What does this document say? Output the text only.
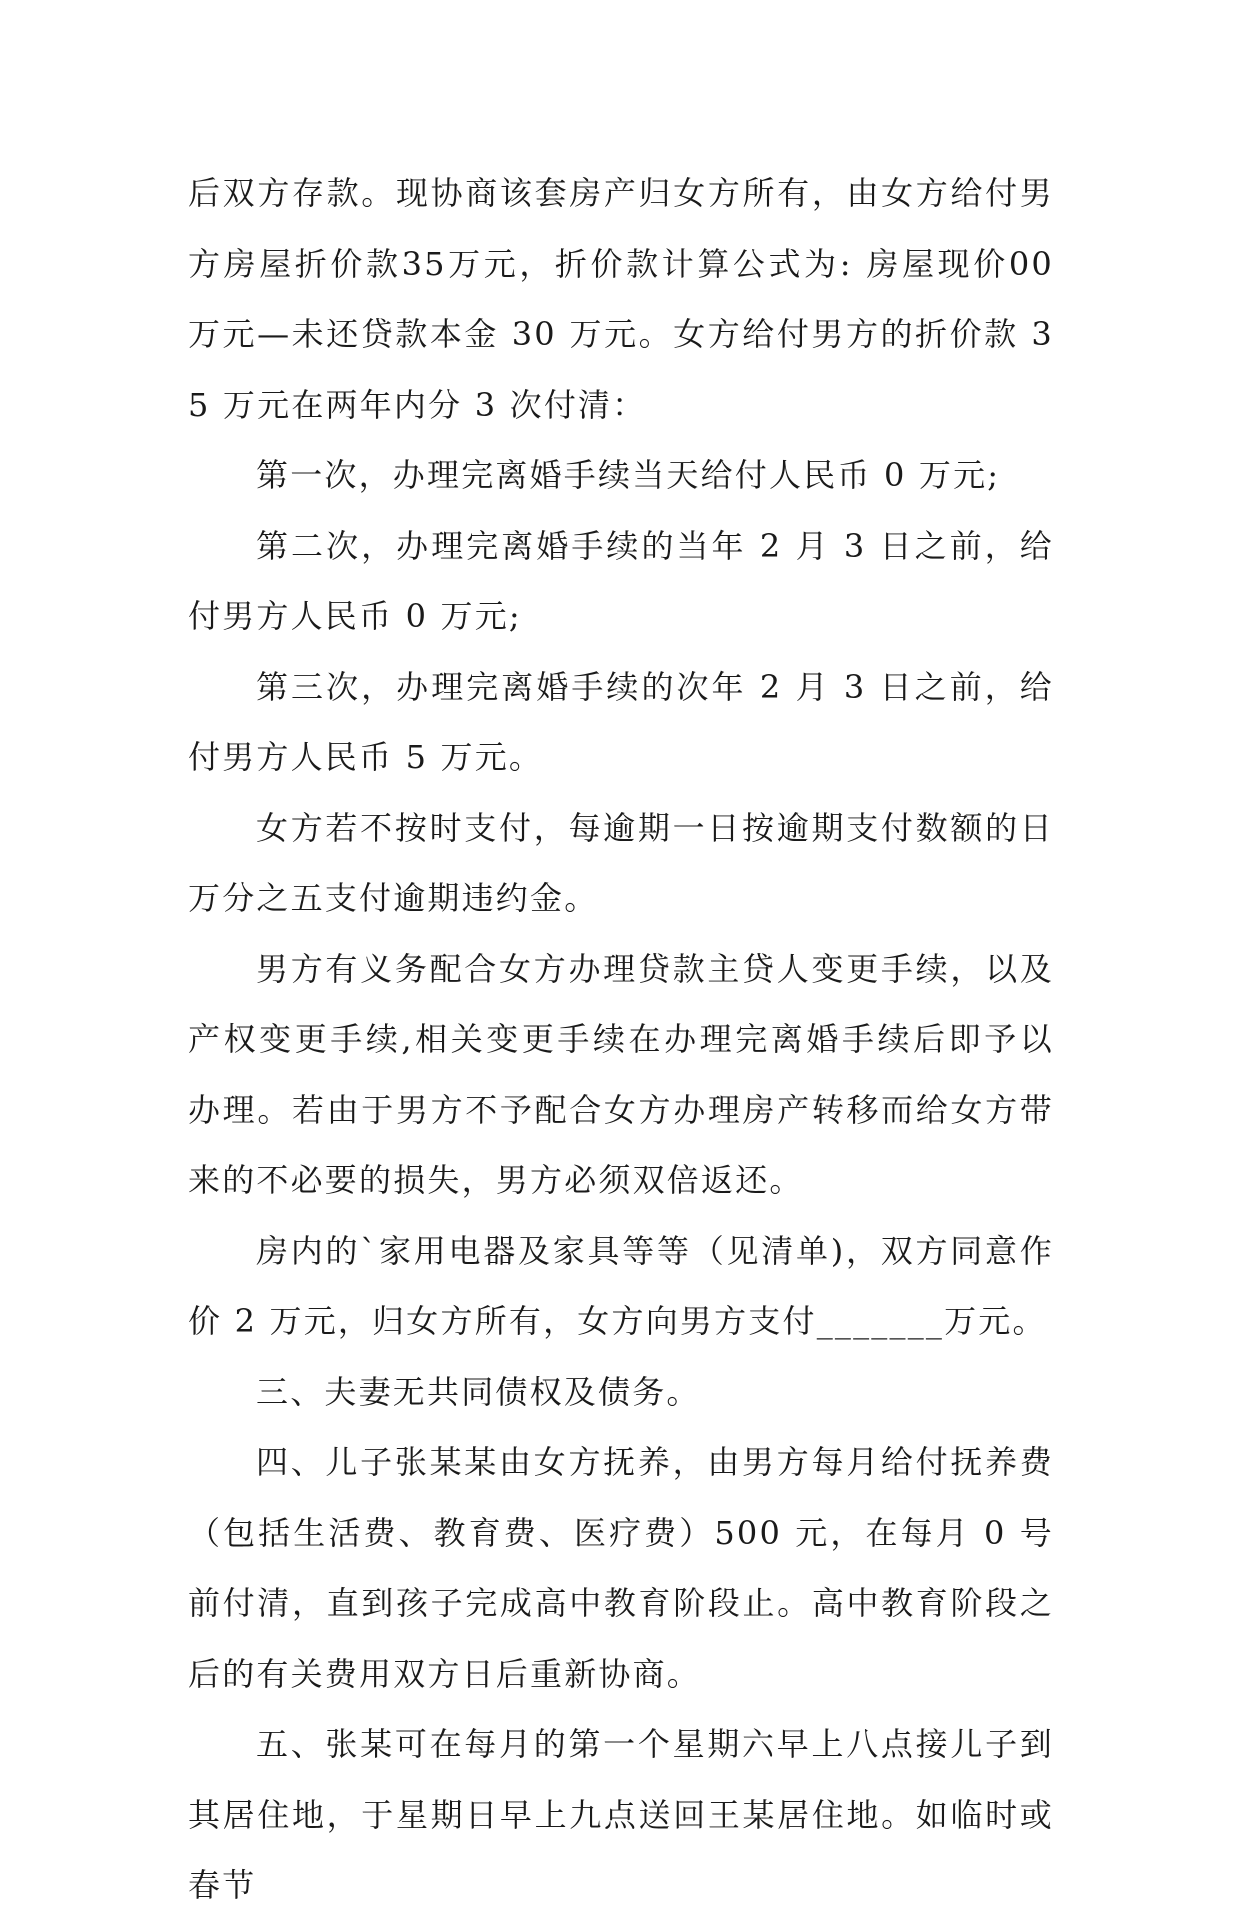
后双方存款。现协商该套房产归女方所有，由女方给付男方房屋折价款35万元，折价款计算公式为: 房屋现价00万元—未还贷款本金 30 万元。女方给付男方的折价款 35 万元在两年内分 3 次付清：

第一次，办理完离婚手续当天给付人民币 0 万元;

第二次，办理完离婚手续的当年 2 月 3 日之前，给付男方人民币 0 万元;

第三次，办理完离婚手续的次年 2 月 3 日之前，给付男方人民币 5 万元。

女方若不按时支付，每逾期一日按逾期支付数额的日万分之五支付逾期违约金。

男方有义务配合女方办理贷款主贷人变更手续，以及产权变更手续,相关变更手续在办理完离婚手续后即予以办理。若由于男方不予配合女方办理房产转移而给女方带来的不必要的损失，男方必须双倍返还。

房内的`家用电器及家具等等（见清单)，双方同意作价 2 万元，归女方所有，女方向男方支付_______万元。

三、夫妻无共同债权及债务。

四、儿子张某某由女方抚养，由男方每月给付抚养费（包括生活费、教育费、医疗费）500 元，在每月 0 号前付清，直到孩子完成高中教育阶段止。高中教育阶段之后的有关费用双方日后重新协商。

五、张某可在每月的第一个星期六早上八点接儿子到其居住地，于星期日早上九点送回王某居住地。如临时或春节
